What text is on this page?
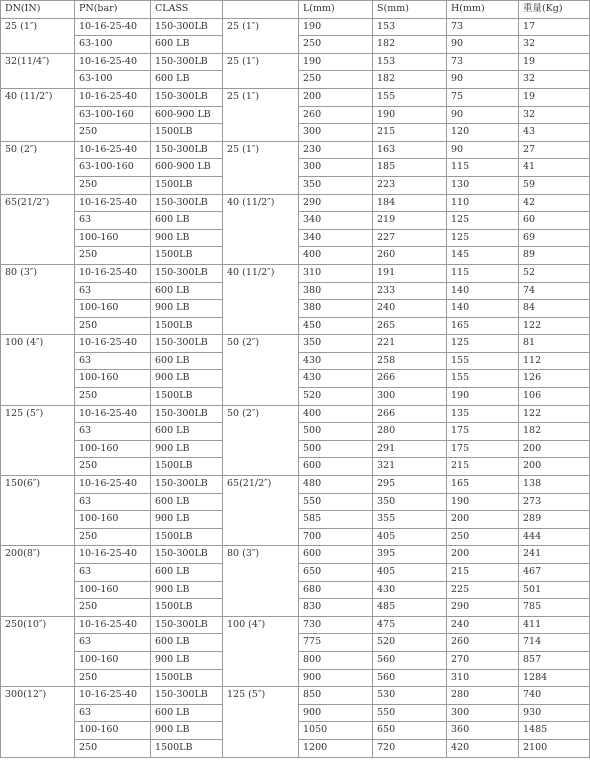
DN(IN)	PN(bar)	CLASS		L(mm)	S(mm)	H(mm)	重量(Kg)
25 (1″)	10-16-25-40	150-300LB	25 (1″)	190	153	73	17
	63-100	600 LB		250	182	90	32
32(11/4″)	10-16-25-40	150-300LB	25 (1″)	190	153	73	19
	63-100	600 LB		250	182	90	32
40 (11/2″)	10-16-25-40	150-300LB	25 (1″)	200	155	75	19
	63-100-160	600-900 LB		260	190	90	32
	250	1500LB		300	215	120	43
50 (2″)	10-16-25-40	150-300LB	25 (1″)	230	163	90	27
	63-100-160	600-900 LB		300	185	115	41
	250	1500LB		350	223	130	59
65(21/2″)	10-16-25-40	150-300LB	40 (11/2″)	290	184	110	42
	63	600 LB		340	219	125	60
	100-160	900 LB		340	227	125	69
	250	1500LB		400	260	145	89
80 (3″)	10-16-25-40	150-300LB	40 (11/2″)	310	191	115	52
	63	600 LB		380	233	140	74
	100-160	900 LB		380	240	140	84
	250	1500LB		450	265	165	122
100 (4″)	10-16-25-40	150-300LB	50 (2″)	350	221	125	81
	63	600 LB		430	258	155	112
	100-160	900 LB		430	266	155	126
	250	1500LB		520	300	190	106
125 (5″)	10-16-25-40	150-300LB	50 (2″)	400	266	135	122
	63	600 LB		500	280	175	182
	100-160	900 LB		500	291	175	200
	250	1500LB		600	321	215	200
150(6″)	10-16-25-40	150-300LB	65(21/2″)	480	295	165	138
	63	600 LB		550	350	190	273
	100-160	900 LB		585	355	200	289
	250	1500LB		700	405	250	444
200(8″)	10-16-25-40	150-300LB	80 (3″)	600	395	200	241
	63	600 LB		650	405	215	467
	100-160	900 LB		680	430	225	501
	250	1500LB		830	485	290	785
250(10″)	10-16-25-40	150-300LB	100 (4″)	730	475	240	411
	63	600 LB		775	520	260	714
	100-160	900 LB		800	560	270	857
	250	1500LB		900	560	310	1284
300(12″)	10-16-25-40	150-300LB	125 (5″)	850	530	280	740
	63	600 LB		900	550	300	930
	100-160	900 LB		1050	650	360	1485
	250	1500LB		1200	720	420	2100
